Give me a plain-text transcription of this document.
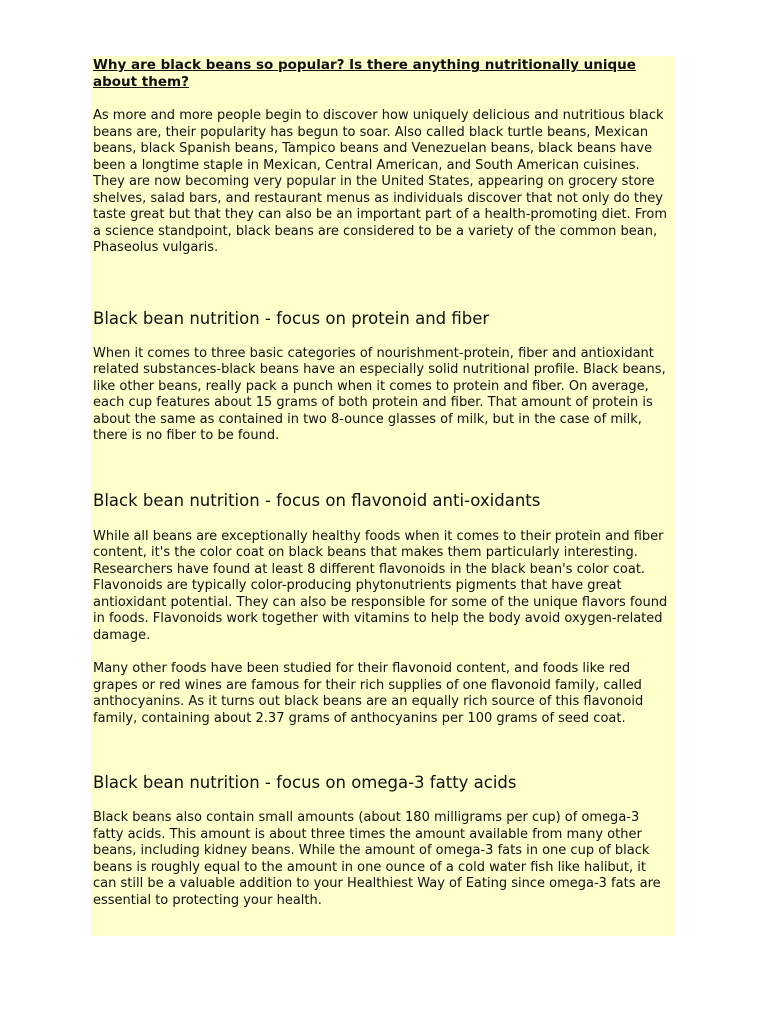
Why are black beans so popular? Is there anything nutritionally unique about them?

As more and more people begin to discover how uniquely delicious and nutritious black beans are, their popularity has begun to soar. Also called black turtle beans, Mexican beans, black Spanish beans, Tampico beans and Venezuelan beans, black beans have been a longtime staple in Mexican, Central American, and South American cuisines. They are now becoming very popular in the United States, appearing on grocery store shelves, salad bars, and restaurant menus as individuals discover that not only do they taste great but that they can also be an important part of a health-promoting diet. From a science standpoint, black beans are considered to be a variety of the common bean, Phaseolus vulgaris.

Black bean nutrition - focus on protein and fiber

When it comes to three basic categories of nourishment-protein, fiber and antioxidant related substances-black beans have an especially solid nutritional profile. Black beans, like other beans, really pack a punch when it comes to protein and fiber. On average, each cup features about 15 grams of both protein and fiber. That amount of protein is about the same as contained in two 8-ounce glasses of milk, but in the case of milk, there is no fiber to be found.

Black bean nutrition - focus on flavonoid anti-oxidants

While all beans are exceptionally healthy foods when it comes to their protein and fiber content, it's the color coat on black beans that makes them particularly interesting. Researchers have found at least 8 different flavonoids in the black bean's color coat. Flavonoids are typically color-producing phytonutrients pigments that have great antioxidant potential. They can also be responsible for some of the unique flavors found in foods. Flavonoids work together with vitamins to help the body avoid oxygen-related damage.

Many other foods have been studied for their flavonoid content, and foods like red grapes or red wines are famous for their rich supplies of one flavonoid family, called anthocyanins. As it turns out black beans are an equally rich source of this flavonoid family, containing about 2.37 grams of anthocyanins per 100 grams of seed coat.

Black bean nutrition - focus on omega-3 fatty acids

Black beans also contain small amounts (about 180 milligrams per cup) of omega-3 fatty acids. This amount is about three times the amount available from many other beans, including kidney beans. While the amount of omega-3 fats in one cup of black beans is roughly equal to the amount in one ounce of a cold water fish like halibut, it can still be a valuable addition to your Healthiest Way of Eating since omega-3 fats are essential to protecting your health.
